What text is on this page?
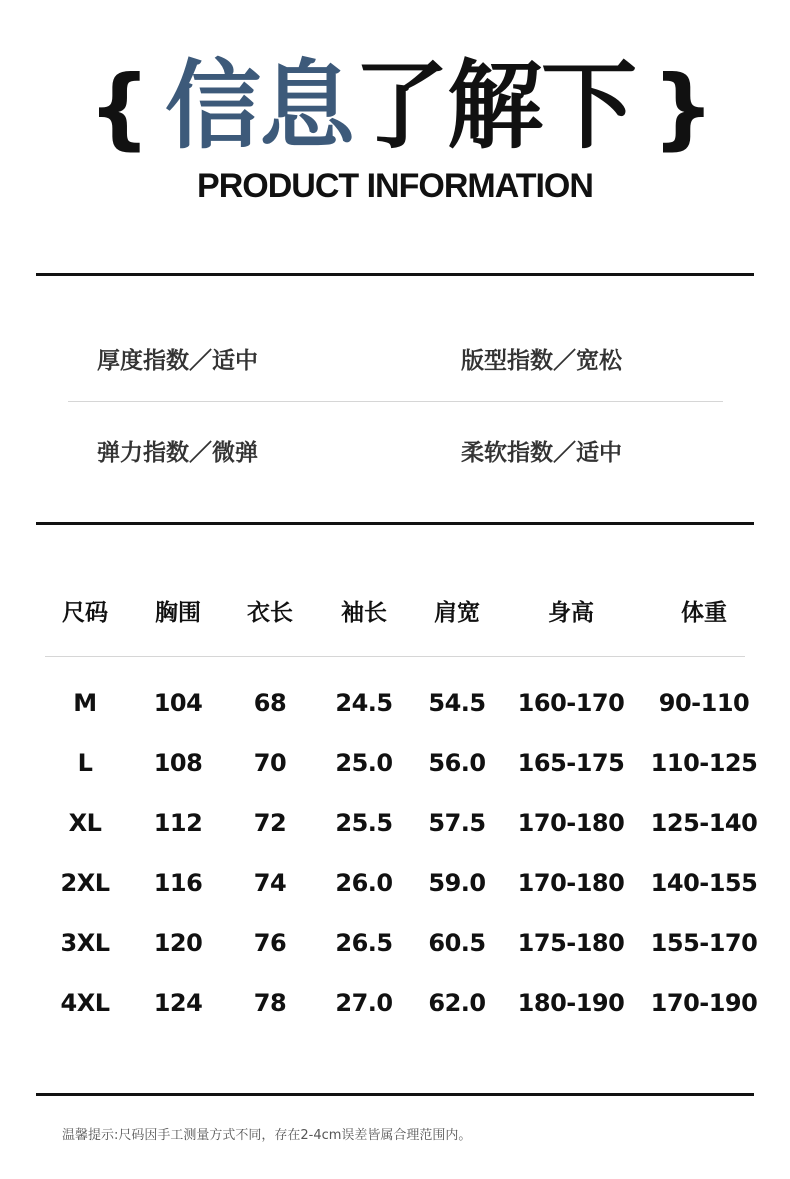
{ 信息了解下 }
PRODUCT INFORMATION
厚度指数／适中	版型指数／宽松
弹力指数／微弹	柔软指数／适中
尺码	胸围	衣长	袖长	肩宽	身高	体重
M	104	68	24.5	54.5	160-170	90-110
L	108	70	25.0	56.0	165-175	110-125
XL	112	72	25.5	57.5	170-180	125-140
2XL	116	74	26.0	59.0	170-180	140-155
3XL	120	76	26.5	60.5	175-180	155-170
4XL	124	78	27.0	62.0	180-190	170-190
温馨提示:尺码因手工测量方式不同，存在2-4cm误差皆属合理范围内。
